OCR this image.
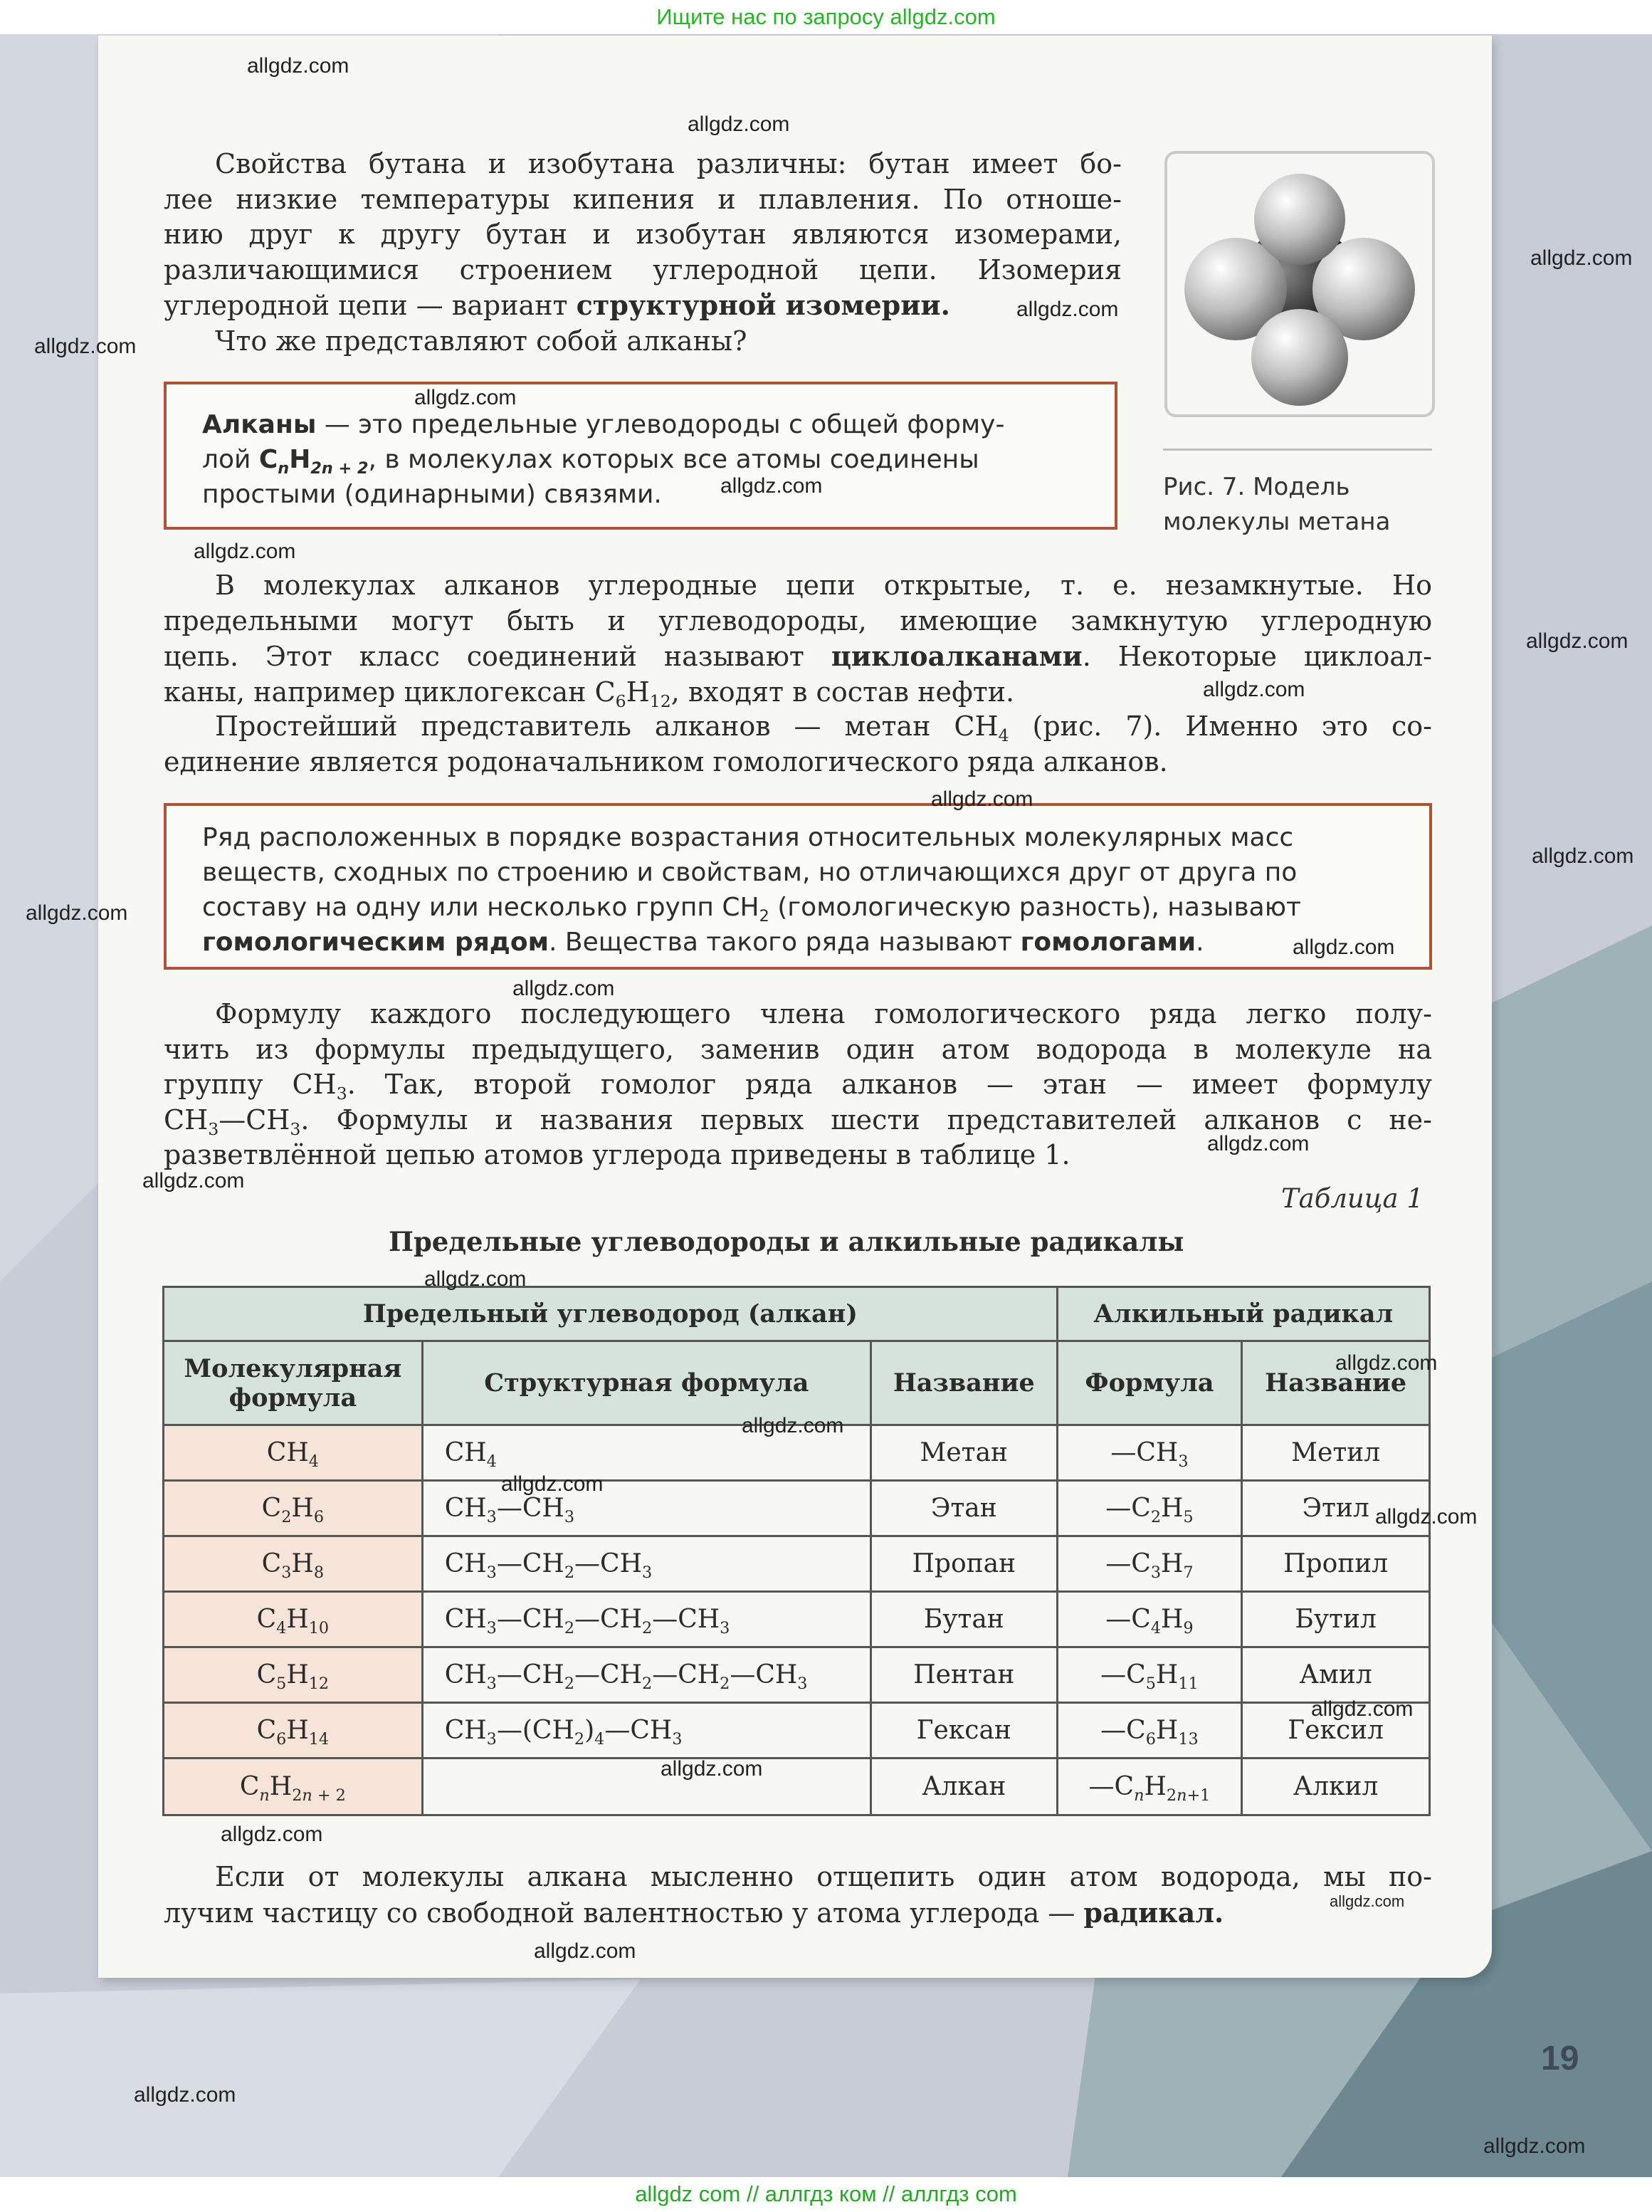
Ищите нас по запросу allgdz.com
allgdz com // аллгдз ком // аллгдз com
Свойства бутана и изобутана различны: бутан имеет бо-
лее низкие температуры кипения и плавления. По отноше-
нию друг к другу бутан и изобутан являются изомерами,
различающимися строением углеродной цепи. Изомерия
углеродной цепи — вариант структурной изомерии.
Что же представляют собой алканы?
Алканы — это предельные углеводороды с общей форму-
лой $C_nH_{2n + 2}$, в молекулах которых все атомы соединены
простыми (одинарными) связями.	Рис. 7. Модель
молекулы метана
В молекулах алканов углеродные цепи открытые, т. е. незамкнутые. Но
предельными могут быть и углеводороды, имеющие замкнутую углеродную
цепь. Этот класс соединений называют циклоалканами. Некоторые циклоал-
каны, например циклогексан $C_6H_{12}$, входят в состав нефти.
Простейший представитель алканов — метан $CH_4$ (рис. 7). Именно это со-
единение является родоначальником гомологического ряда алканов.
Ряд расположенных в порядке возрастания относительных молекулярных масс
веществ, сходных по строению и свойствам, но отличающихся друг от друга по
составу на одну или несколько групп $CH_2$ (гомологическую разность), называют
гомологическим рядом. Вещества такого ряда называют гомологами.
Формулу каждого последующего члена гомологического ряда легко полу-
чить из формулы предыдущего, заменив один атом водорода в молекуле на
группу $CH_3$. Так, второй гомолог ряда алканов — этан — имеет формулу
$CH_3—CH_3$. Формулы и названия первых шести представителей алканов с не-
разветвлённой цепью атомов углерода приведены в таблице 1.
Таблица 1
Предельные углеводороды и алкильные радикалы
Предельный углеводород (алкан)			Алкильный радикал	

Молекулярная
формула	Структурная формула	Название	Формула	Название
$CH_4$	$CH_4$	Метан	$—CH_3$	Метил
$C_2H_6$	$CH_3—CH_3$	Этан	$—C_2H_5$	Этил
$C_3H_8$	$CH_3—CH_2—CH_3$	Пропан	$—C_3H_7$	Пропил
$C_4H_{10}$	$CH_3—CH_2—CH_2—CH_3$	Бутан	$—C_4H_9$	Бутил
$C_5H_{12}$	$CH_3—CH_2—CH_2—CH_2—CH_3$	Пентан	$—C_5H_{11}$	Амил
$C_6H_{14}$	$CH_3—(CH_2)_4—CH_3$	Гексан	$—C_6H_{13}$	Гексил
$C_nH_{2n + 2}$		Алкан	$—C_nH_{2n+1}$	Алкил
Если от молекулы алкана мысленно отщепить один атом водорода, мы по-
лучим частицу со свободной валентностью у атома углерода — радикал.
19
allgdz.com
allgdz.com
allgdz.com
allgdz.com
allgdz.com
allgdz.com
allgdz.com
allgdz.com
allgdz.com
allgdz.com
allgdz.com
allgdz.com
allgdz.com
allgdz.com
allgdz.com
allgdz.com
allgdz.com
allgdz.com
allgdz.com
allgdz.com
allgdz.com
allgdz.com
allgdz.com
allgdz.com
allgdz.com
allgdz.com
allgdz.com
allgdz.com
allgdz.com
